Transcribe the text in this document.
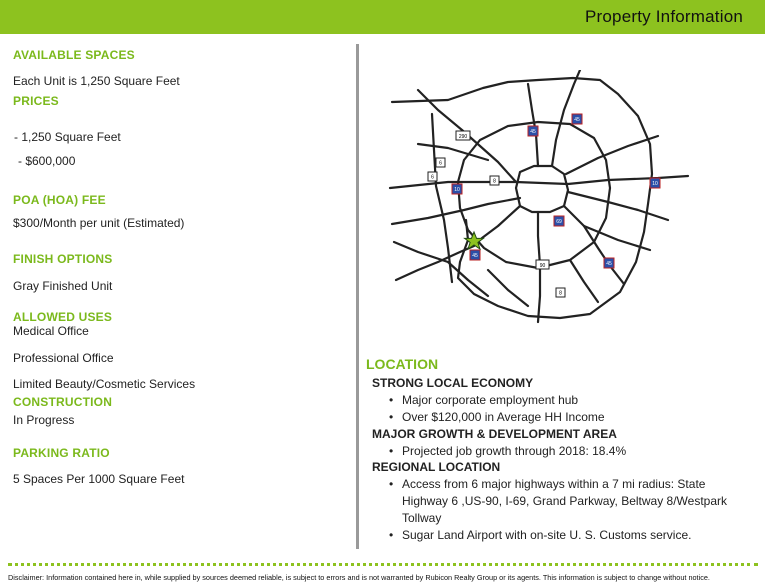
Property Information
AVAILABLE SPACES
Each Unit is 1,250 Square Feet
PRICES
- 1,250 Square Feet
- $600,000
POA (HOA) FEE
$300/Month per unit (Estimated)
FINISH OPTIONS
Gray Finished Unit
ALLOWED USES
Medical Office
Professional Office
Limited Beauty/Cosmetic Services
CONSTRUCTION
In Progress
PARKING RATIO
5 Spaces Per 1000 Square Feet
290
45
45
10
10
6
6
8
69
90
45
45
8
LOCATION
STRONG LOCAL ECONOMY
• Major corporate employment hub
• Over $120,000 in Average HH Income
MAJOR GROWTH & DEVELOPMENT AREA
• Projected job growth through 2018: 18.4%
REGIONAL LOCATION
• Access from 6 major highways within a 7 mi radius: State Highway 6 ,US-90, I-69, Grand Parkway, Beltway 8/Westpark Tollway
• Sugar Land Airport with on-site U. S. Customs service.
Disclaimer: Information contained here in, while supplied by sources deemed reliable, is subject to errors and is not warranted by Rubicon Realty Group or its agents. This information is subject to change without notice.
